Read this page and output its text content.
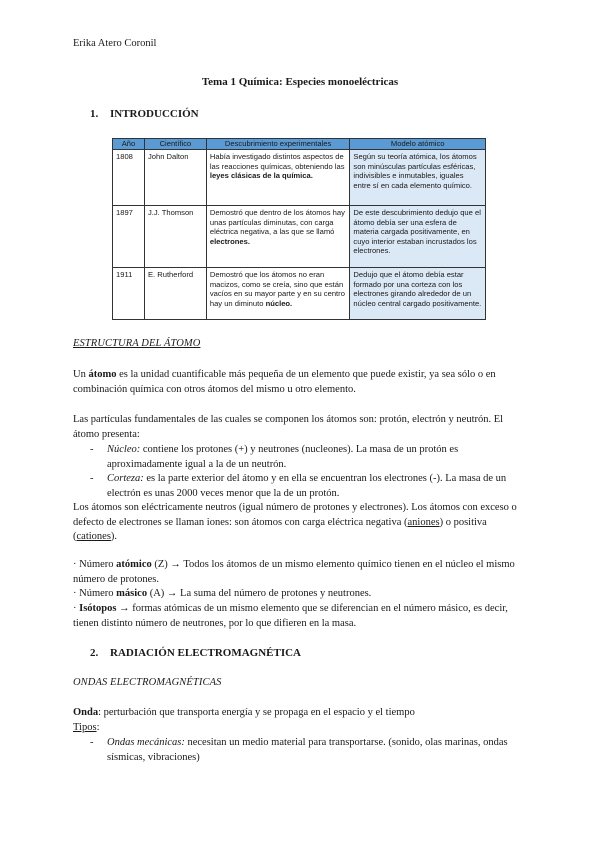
Erika Atero Coronil
Tema 1 Química: Especies monoeléctricas
1. INTRODUCCIÓN
Año	Científico	Descubrimiento experimentales	Modelo atómico
1808	John Dalton	Había investigado distintos aspectos de las reacciones químicas, obteniendo las leyes clásicas de la química.	Según su teoría atómica, los átomos son minúsculas partículas esféricas, indivisibles e inmutables, iguales entre sí en cada elemento químico.
1897	J.J. Thomson	Demostró que dentro de los átomos hay unas partículas diminutas, con carga eléctrica negativa, a las que se llamó electrones.	De este descubrimiento dedujo que el átomo debía ser una esfera de materia cargada positivamente, en cuyo interior estaban incrustados los electrones.
1911	E. Rutherford	Demostró que los átomos no eran macizos, como se creía, sino que están vacíos en su mayor parte y en su centro hay un diminuto núcleo.	Dedujo que el átomo debía estar formado por una corteza con los electrones girando alrededor de un núcleo central cargado positivamente.
ESTRUCTURA DEL ÁTOMO
Un átomo es la unidad cuantificable más pequeña de un elemento que puede existir, ya sea sólo o en combinación química con otros átomos del mismo u otro elemento.
Las partículas fundamentales de las cuales se componen los átomos son: protón, electrón y neutrón. El átomo presenta:
- Núcleo: contiene los protones (+) y neutrones (nucleones). La masa de un protón es aproximadamente igual a la de un neutrón.
- Corteza: es la parte exterior del átomo y en ella se encuentran los electrones (-). La masa de un electrón es unas 2000 veces menor que la de un protón.
Los átomos son eléctricamente neutros (igual número de protones y electrones). Los átomos con exceso o defecto de electrones se llaman iones: son átomos con carga eléctrica negativa (aniones) o positiva (cationes).
· Número atómico (Z) → Todos los átomos de un mismo elemento químico tienen en el núcleo el mismo número de protones.
· Número másico (A) → La suma del número de protones y neutrones.
· Isótopos → formas atómicas de un mismo elemento que se diferencian en el número másico, es decir, tienen distinto número de neutrones, por lo que difieren en la masa.
2. RADIACIÓN ELECTROMAGNÉTICA
ONDAS ELECTROMAGNÉTICAS
Onda: perturbación que transporta energía y se propaga en el espacio y el tiempo
Tipos:
- Ondas mecánicas: necesitan un medio material para transportarse. (sonido, olas marinas, ondas sísmicas, vibraciones)
